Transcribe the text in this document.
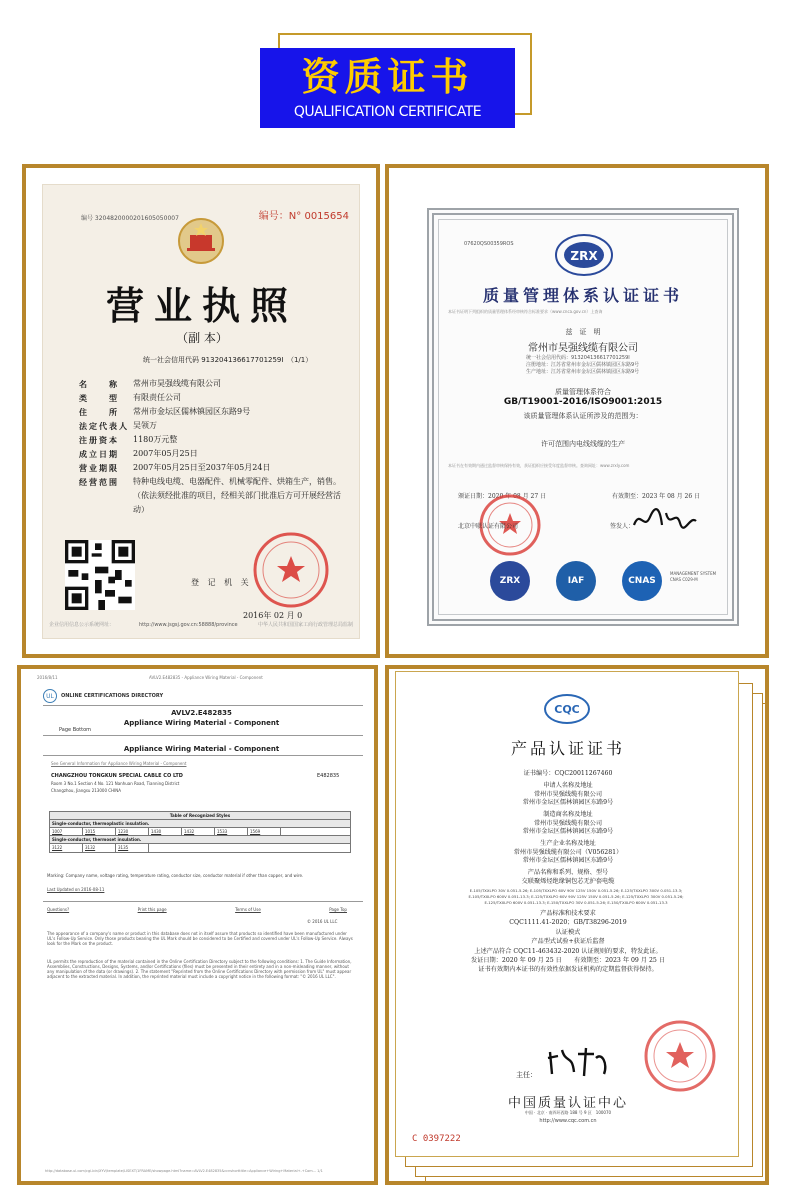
资质证书
QUALIFICATION CERTIFICATE
编号 3204820000201605050007	编号：N° 0015654
营业执照
（副 本）
统一社会信用代码 913204136617701259I　（1/1）
名　　称	常州市昊强线缆有限公司
类　　型	有限责任公司
住　　所	常州市金坛区儒林镇园区东路9号
法定代表人 吴领万
注册资本	1180万元整
成立日期	2007年05月25日
营业期限	2007年05月25日至2037年05月24日
经营范围	特种电线电缆、电器配件、机械零配件、烘箱生产，销售。（依法须经批准的项目，经相关部门批准后方可开展经营活动）
登 记 机 关
2016年 02 月 0
企业信用信息公示系统网址：	http://www.jsgsj.gov.cn:58888/province	中华人民共和国国家工商行政管理总局监制
07620QS00359ROS
ZRX
质量管理体系认证证书
本证书证明下列组织的质量管理体系经审核符合标准要求（www.cnca.gov.cn）上查询
兹　证　明
常州市昊强线缆有限公司
统一社会信用代码：913204136617701259I
注册地址：江苏省常州市金坛区儒林镇园区东路9号
生产地址：江苏省常州市金坛区儒林镇园区东路9号
质量管理体系符合
GB/T19001-2016/ISO9001:2015
该质量管理体系认证所涉及的范围为：
许可范围内电线线缆的生产
本证书在有效期内通过监督审核保持有效，获证组织应接受年度监督审核。查询网址：www.zrxly.com
颁证日期：2020 年 08 月 27 日	有效期至：2023 年 08 月 26 日
北京中联认证有限公司	签发人：
ZRX	IAF	CNAS
MANAGEMENT SYSTEM
CNAS C029-M
2016/8/11	AVLV2.E482835 - Appliance Wiring Material - Component
UL	ONLINE CERTIFICATIONS DIRECTORY
AVLV2.E482835
Appliance Wiring Material - Component
Page Bottom
Appliance Wiring Material - Component
See General Information for Appliance Wiring Material - Component
CHANGZHOU TONGKUN SPECIAL CABLE CO LTD	E482835
Room 3 No.1 Section 4 No. 121 Nanhuan Road, Tianning District
Changzhou, Jiangsu 213000 CHINA
Table of Recognized Styles
Single-conductor, thermoplastic insulation.
1007	1015	1230	1430	1432	1533	1569
Single-conductor, thermoset insulation.
3122	3132	3135
Marking: Company name, voltage rating, temperature rating, conductor size, conductor material if other than copper, and wire.
Last Updated on 2016-08-11
Questions?	Print this page	Terms of Use	Page Top
© 2016 UL LLC
The appearance of a company's name or product in this database does not in itself assure that products so identified have been manufactured under UL's Follow-Up Service. Only those products bearing the UL Mark should be considered to be Certified and covered under UL's Follow-Up Service. Always look for the Mark on the product.
UL permits the reproduction of the material contained in the Online Certification Directory subject to the following conditions: 1. The Guide Information, Assemblies, Constructions, Designs, Systems, and/or Certifications (files) must be presented in their entirety and in a non-misleading manner, without any manipulation of the data (or drawings). 2. The statement "Reprinted from the Online Certifications Directory with permission from UL" must appear adjacent to the extracted material. In addition, the reprinted material must include a copyright notice in the following format: "© 2016 UL LLC".
http://database.ul.com/cgi-bin/XYV/template/LISEXT/1FRAME/showpage.html?name=AVLV2.E482835&ccnshorttitle=Appliance+Wiring+Material+-+Com... 1/1
CQC
产品认证证书
证书编号：CQC20011267460
申请人名称及地址
常州市昊强线缆有限公司
常州市金坛区儒林镇园区东路9号
制造商名称及地址
常州市昊强线缆有限公司
常州市金坛区儒林镇园区东路9号
生产企业名称及地址
常州市昊强线缆有限公司（V056281）
常州市金坛区儒林镇园区东路9号
产品名称和系列、规格、型号
交联聚烯烃绝缘铜包芯无护套电缆
E-105/TXXLPO 30V 0.051-5.26; E-105/TXXLPO 60V 90V 125V 150V 0.051-5.26; E-125/TXXLPO 300V 0.051-13.3;
E-105/TXXLPO 600V 0.051-13.3; E-125/TXXLPO 60V 90V 125V 150V 0.051-5.26; E-125/TXXLPO 300V 0.051-5.26;
E-125/TXXLPO 600V 0.051-13.3; E-150/TXXLPO 30V 0.051-5.26; E-150/TXXLPO 600V 0.051-13.3
产品标准和技术要求
CQC1111.41-2020；GB/T38296-2019
认证模式
产品型式试验+获证后监督
上述产品符合 CQC11-463432-2020 认证规则的要求，特发此证。
发证日期：2020 年 09 月 25 日　　有效期至：2023 年 09 月 25 日
证书有效期内本证书的有效性依据发证机构的定期监督获得保持。
主任：
中国质量认证中心
中国 · 北京 · 南四环西路 188 号 9 区　100070
http://www.cqc.com.cn
C 0397222
